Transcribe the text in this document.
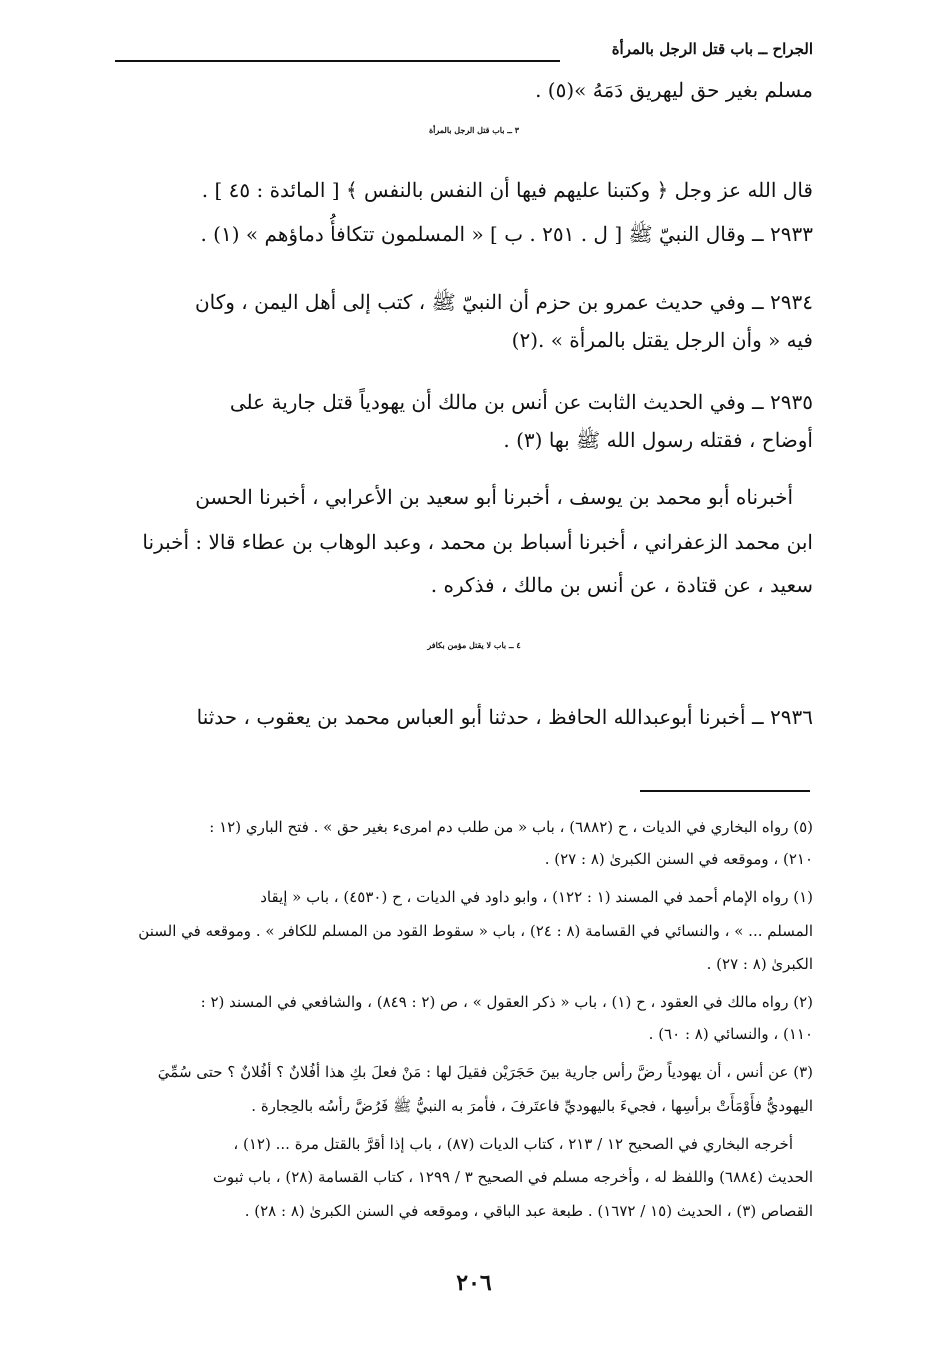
الجراح ــ باب قتل الرجل بالمرأة
مسلم بغير حق ليهريق دَمَهُ »(٥) .
٣ ــ باب قتل الرجل بالمرأة
قال الله عز وجل ﴿ وكتبنا عليهم فيها أن النفس بالنفس ﴾ [ المائدة : ٤٥ ] .
٢٩٣٣ ــ وقال النبيّ ﷺ [ ل . ٢٥١ . ب ] « المسلمون تتكافأُ دماؤهم » (١) .
٢٩٣٤ ــ وفي حديث عمرو بن حزم أن النبيّ ﷺ ، كتب إلى أهل اليمن ، وكان
فيه « وأن الرجل يقتل بالمرأة » .(٢)
٢٩٣٥ ــ وفي الحديث الثابت عن أنس بن مالك أن يهودياً قتل جارية على
أوضاح ، فقتله رسول الله ﷺ بها (٣) .
أخبرناه أبو محمد بن يوسف ، أخبرنا أبو سعيد بن الأعرابي ، أخبرنا الحسن
ابن محمد الزعفراني ، أخبرنا أسباط بن محمد ، وعبد الوهاب بن عطاء قالا : أخبرنا
سعيد ، عن قتادة ، عن أنس بن مالك ، فذكره .
٤ ــ باب لا يقتل مؤمن بكافر
٢٩٣٦ ــ أخبرنا أبوعبدالله الحافظ ، حدثنا أبو العباس محمد بن يعقوب ، حدثنا
(٥) رواه البخاري في الديات ، ح (٦٨٨٢) ، باب « من طلب دم امرىء بغير حق » . فتح الباري (١٢ :
٢١٠) ، وموقعه في السنن الكبرىٰ (٨ : ٢٧) .
(١) رواه الإمام أحمد في المسند (١ : ١٢٢) ، وابو داود في الديات ، ح (٤٥٣٠) ، باب « إيقاد
المسلم ... » ، والنسائي في القسامة (٨ : ٢٤) ، باب « سقوط القود من المسلم للكافر » . وموقعه في السنن
الكبرىٰ (٨ : ٢٧) .
(٢) رواه مالك في العقود ، ح (١) ، باب « ذكر العقول » ، ص (٢ : ٨٤٩) ، والشافعي في المسند (٢ :
١١٠) ، والنسائي (٨ : ٦٠) .
(٣) عن أنس ، أن يهودياً رضَّ رأس جارية بينَ حَجَرَيْن فقيلَ لها : مَنْ فعلَ بكِ هذا أفُلانٌ ؟ أفُلانٌ ؟ حتى سُمِّيَ
اليهوديُّ فأَوْمَأَتْ برأسِها ، فجيءَ باليهوديِّ فاعتَرفَ ، فأمرَ به النبيُّ ﷺ فَرُضَّ رأسُه بالحِجارة .
أخرجه البخاري في الصحيح ١٢ / ٢١٣ ، كتاب الديات (٨٧) ، باب إذا أقرَّ بالقتل مرة ... (١٢) ،
الحديث (٦٨٨٤) واللفظ له ، وأخرجه مسلم في الصحيح ٣ / ١٢٩٩ ، كتاب القسامة (٢٨) ، باب ثبوت
القصاص (٣) ، الحديث (١٥ / ١٦٧٢) . طبعة عبد الباقي ، وموقعه في السنن الكبرىٰ (٨ : ٢٨) .
٢٠٦
